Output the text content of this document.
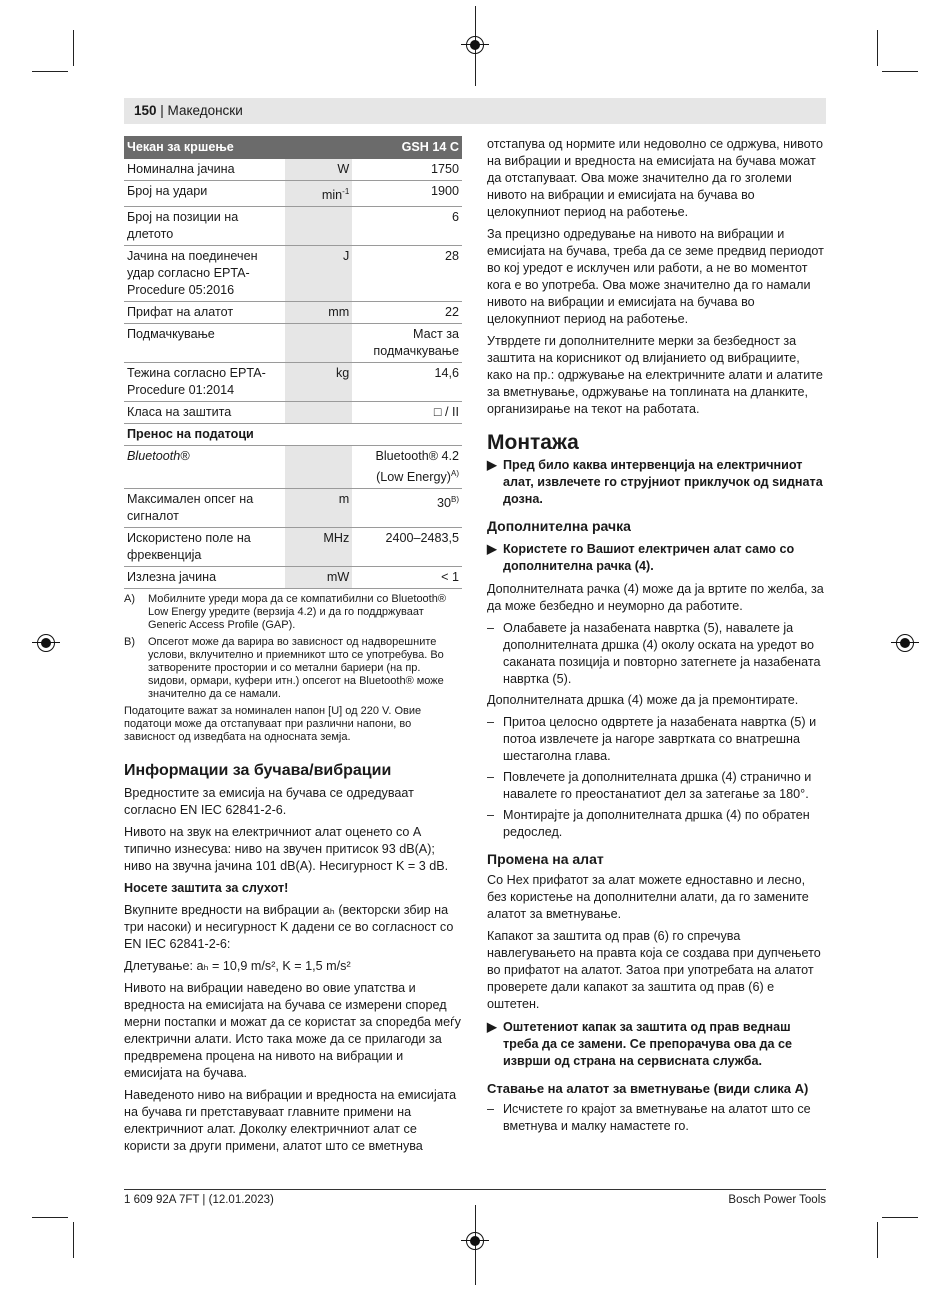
150 | Македонски
Чекан за кршење		GSH 14 C
Номинална јачина	W	1750
Број на удари	$\min^{-1}$	1900
Број на позиции на длетото		6
Јачина на поединечен удар согласно EPTA-Procedure 05:2016	J	28
Прифат на алатот	mm	22
Подмачкување		Маст за подмачкување
Тежина согласно EPTA-Procedure 01:2014	kg	14,6
Класа на заштита		□ / II
Пренос на податоци		
Bluetooth®		Bluetooth® 4.2 (Low Energy)$^{A)}$
Максимален опсег на сигналот	m	$30^{B)}$
Искористено поле на фреквенција	MHz	2400–2483,5
Излезна јачина	mW	< 1
A)	Мобилните уреди мора да се компатибилни со Bluetooth® Low Energy уредите (верзија 4.2) и да го поддржуваат Generic Access Profile (GAP).
B)	Опсегот може да варира во зависност од надворешните услови, вклучително и приемникот што се употребува. Во затворените простории и со метални бариери (на пр. ѕидови, ормари, куфери итн.) опсегот на Bluetooth® може значително да се намали.
Податоците важат за номинален напон [U] од 220 V. Овие податоци може да отстапуваат при различни напони, во зависност од изведбата на односната земја.
Информации за бучава/вибрации

Вредностите за емисија на бучава се одредуваат согласно EN IEC 62841-2-6.

Нивото на звук на електричниот алат оценето со A типично изнесува: ниво на звучен притисок 93 dB(A); ниво на звучна јачина 101 dB(A). Несигурност K = 3 dB.

Носете заштита за слухот!

Вкупните вредности на вибрации aₕ (векторски збир на три насоки) и несигурност K дадени се во согласност со EN IEC 62841-2-6:

Длетување: aₕ = 10,9 m/s², K = 1,5 m/s²

Нивото на вибрации наведено во овие упатства и вредноста на емисијата на бучава се измерени според мерни постапки и можат да се користат за споредба меѓу електрични алати. Исто така може да се прилагоди за предвремена процена на нивото на вибрации и емисијата на бучава.

Наведеното ниво на вибрации и вредноста на емисијата на бучава ги претставуваат главните примени на електричниот алат. Доколку електричниот алат се користи за други примени, алатот што се вметнува

отстапува од нормите или недоволно се одржува, нивото на вибрации и вредноста на емисијата на бучава можат да отстапуваат. Ова може значително да го зголеми нивото на вибрации и емисијата на бучава во целокупниот период на работење.

За прецизно одредување на нивото на вибрации и емисијата на бучава, треба да се земе предвид периодот во кој уредот е исклучен или работи, а не во моментот кога е во употреба. Ова може значително да го намали нивото на вибрации и емисијата на бучава во целокупниот период на работење.

Утврдете ги дополнителните мерки за безбедност за заштита на корисникот од влијанието од вибрациите, како на пр.: одржување на електричните алати и алатите за вметнување, одржување на топлината на дланките, организирање на текот на работата.

Монтажа
▶ Пред било каква интервенција на електричниот алат, извлечете го струјниот приклучок од ѕидната дозна.
Дополнителна рачка
▶ Користете го Вашиот електричен алат само со дополнителна рачка (4).

Дополнителната рачка (4) може да ја вртите по желба, за да може безбедно и неуморно да работите.

– Олабавете ја назабената навртка (5), навалете ја дополнителната дршка (4) околу оската на уредот во саканата позиција и повторно затегнете ја назабената навртка (5).

Дополнителната дршка (4) може да ја премонтирате.

– Притоа целосно одвртете ја назабената навртка (5) и потоа извлечете ја нагоре завртката со внатрешна шестаголна глава.
– Повлечете ја дополнителната дршка (4) странично и навалете го преостанатиот дел за затегање за 180°.
– Монтирајте ја дополнителната дршка (4) по обратен редослед.
Промена на алат

Со Hex прифатот за алат можете едноставно и лесно, без користење на дополнителни алати, да го замените алатот за вметнување.

Капакот за заштита од прав (6) го спречува навлегувањето на правта која се создава при дупчењето во прифатот на алатот. Затоа при употребата на алатот проверете дали капакот за заштита од прав (6) е оштетен.

▶ Оштетениот капак за заштита од прав веднаш треба да се замени. Се препорачува ова да се изврши од страна на сервисната служба.
Ставање на алатот за вметнување (види слика A)
– Исчистете го крајот за вметнување на алатот што се вметнува и малку намастете го.
1 609 92A 7FT | (12.01.2023)	Bosch Power Tools
